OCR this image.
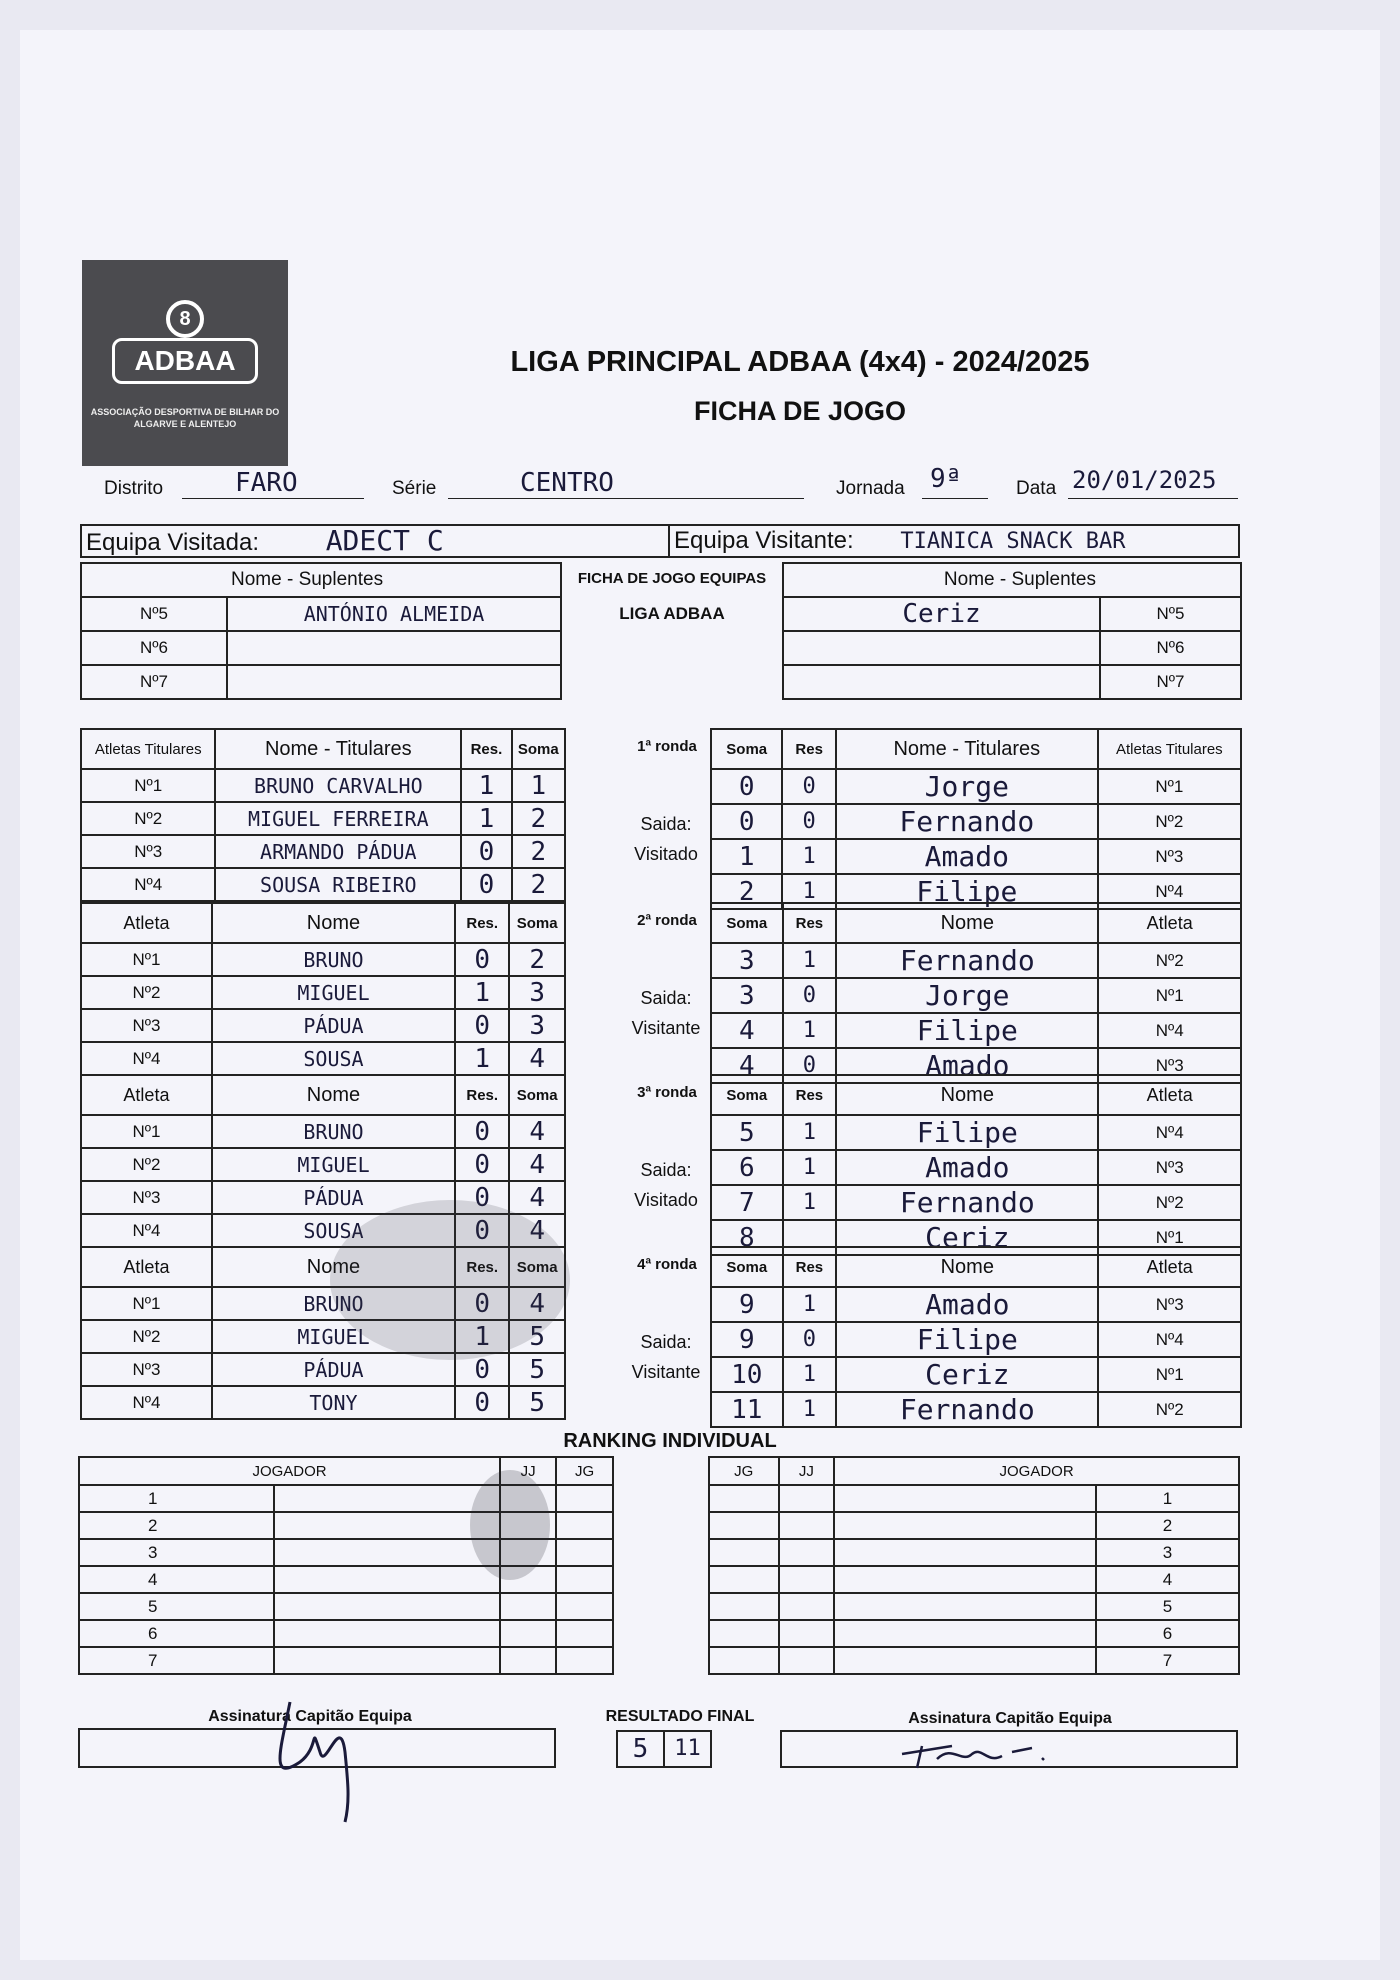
8
ADBAA
ASSOCIAÇÃO DESPORTIVA DE BILHAR DO ALGARVE E ALENTEJO
LIGA PRINCIPAL ADBAA (4x4) - 2024/2025
FICHA DE JOGO
Distrito	FARO	Série	CENTRO	Jornada 9ª	Data 20/01/2025
Equipa Visitada: ADECT C	Equipa Visitante: TIANICA SNACK BAR
	Nome - Suplentes
Nº5	ANTÓNIO ALMEIDA
Nº6	
Nº7	
FICHA DE JOGO EQUIPAS
LIGA ADBAA
Nome - Suplentes	
Ceriz	Nº5
	Nº6
	Nº7
Atletas Titulares	Nome - Titulares	Res.	Soma
Nº1	BRUNO CARVALHO	1	1
Nº2	MIGUEL FERREIRA	1	2
Nº3	ARMANDO PÁDUA	0	2
Nº4	SOUSA RIBEIRO	0	2
1ª ronda
Saida:
Visitado
Soma	Res	Nome - Titulares	Atletas Titulares
0	0	Jorge	Nº1
0	0	Fernando	Nº2
1	1	Amado	Nº3
2	1	Filipe	Nº4
Atleta	Nome	Res.	Soma
Nº1	BRUNO	0	2
Nº2	MIGUEL	1	3
Nº3	PÁDUA	0	3
Nº4	SOUSA	1	4
2ª ronda
Saida:
Visitante
Soma	Res	Nome	Atleta
3	1	Fernando	Nº2
3	0	Jorge	Nº1
4	1	Filipe	Nº4
4	0	Amado	Nº3
Atleta	Nome	Res.	Soma
Nº1	BRUNO	0	4
Nº2	MIGUEL	0	4
Nº3	PÁDUA	0	4
Nº4	SOUSA	0	4
3ª ronda
Saida:
Visitado
Soma	Res	Nome	Atleta
5	1	Filipe	Nº4
6	1	Amado	Nº3
7	1	Fernando	Nº2
8		Ceriz	Nº1
Atleta	Nome	Res.	Soma
Nº1	BRUNO	0	4
Nº2	MIGUEL	1	5
Nº3	PÁDUA	0	5
Nº4	TONY	0	5
4ª ronda
Saida:
Visitante
Soma	Res	Nome	Atleta
9	1	Amado	Nº3
9	0	Filipe	Nº4
10	1	Ceriz	Nº1
11	1	Fernando	Nº2
RANKING INDIVIDUAL
JOGADOR		JJ	JG
1			
2			
3			
4			
5			
6			
7			
JG	JJ	JOGADOR	
			1
			2
			3
			4
			5
			6
			7
Assinatura Capitão Equipa	RESULTADO FINAL
5	11
Assinatura Capitão Equipa
